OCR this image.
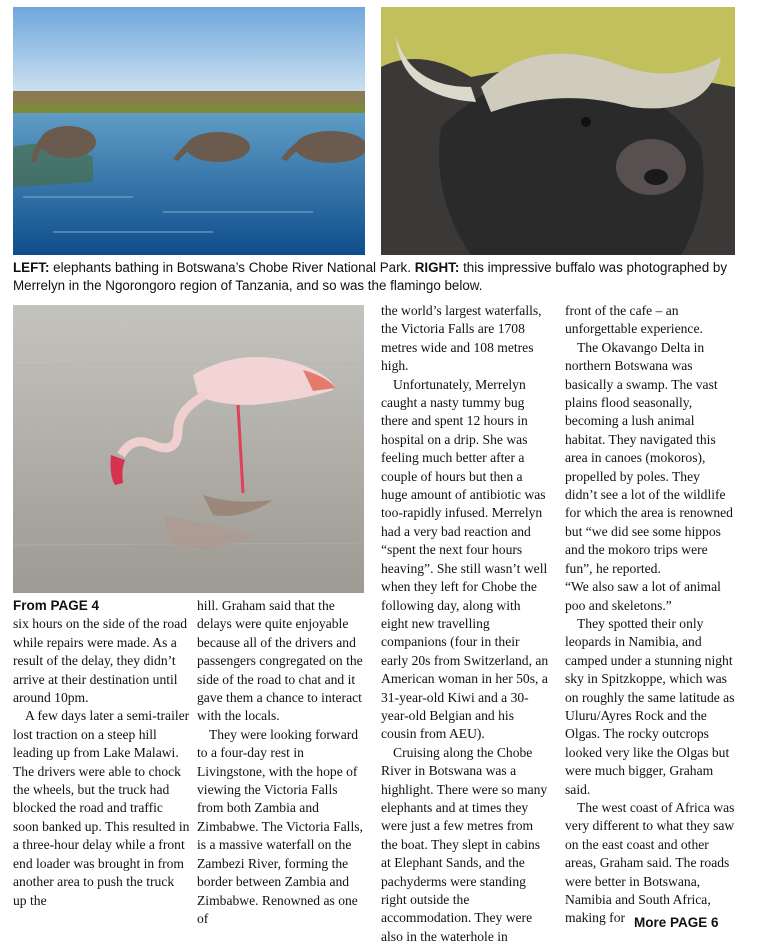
LEFT: elephants bathing in Botswana’s Chobe River National Park. RIGHT: this impressive buffalo was photographed by Merrelyn in the Ngorongoro region of Tanzania, and so was the flamingo below.
From PAGE 4

six hours on the side of the road while repairs were made. As a result of the delay, they didn’t arrive at their destination until around 10pm.

A few days later a semi-trailer lost traction on a steep hill leading up from Lake Malawi. The drivers were able to chock the wheels, but the truck had blocked the road and traffic soon banked up. This resulted in a three-hour delay while a front end loader was brought in from another area to push the truck up the

hill. Graham said that the delays were quite enjoyable because all of the drivers and passengers congregated on the side of the road to chat and it gave them a chance to interact with the locals.

They were looking forward to a four-day rest in Livingstone, with the hope of viewing the Victoria Falls from both Zambia and Zimbabwe. The Victoria Falls, is a massive waterfall on the Zambezi River, forming the border between Zambia and Zimbabwe. Renowned as one of

the world’s largest waterfalls, the Victoria Falls are 1708 metres wide and 108 metres high.

Unfortunately, Merrelyn caught a nasty tummy bug there and spent 12 hours in hospital on a drip. She was feeling much better after a couple of hours but then a huge amount of antibiotic was too-rapidly infused. Merrelyn had a very bad reaction and “spent the next four hours heaving”. She still wasn’t well when they left for Chobe the following day, along with eight new travelling companions (four in their early 20s from Switzerland, an American woman in her 50s, a 31-year-old Kiwi and a 30-year-old Belgian and his cousin from AEU).

Cruising along the Chobe River in Botswana was a highlight. There were so many elephants and at times they were just a few metres from the boat. They slept in cabins at Elephant Sands, and the pachyderms were standing right outside the accommodation. They were also in the waterhole in

front of the cafe – an unforgettable experience.

The Okavango Delta in northern Botswana was basically a swamp. The vast plains flood seasonally, becoming a lush animal habitat. They navigated this area in canoes (mokoros), propelled by poles. They didn’t see a lot of the wildlife for which the area is renowned but “we did see some hippos and the mokoro trips were fun”, he reported.

“We also saw a lot of animal poo and skeletons.”

They spotted their only leopards in Namibia, and camped under a stunning night sky in Spitzkoppe, which was on roughly the same latitude as Uluru/Ayres Rock and the Olgas. The rocky outcrops looked very like the Olgas but were much bigger, Graham said.

The west coast of Africa was very different to what they saw on the east coast and other areas, Graham said. The roads were better in Botswana, Namibia and South Africa, making for More PAGE 6
